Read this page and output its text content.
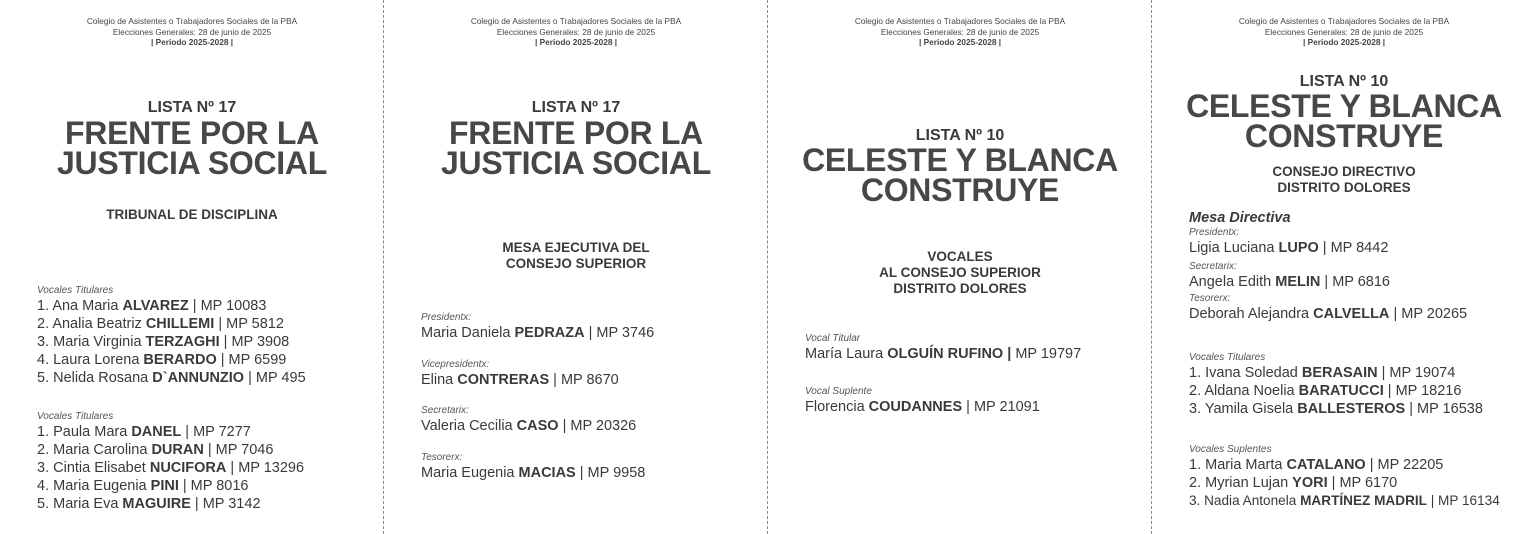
Colegio de Asistentes o Trabajadores Sociales de la PBA
Elecciones Generales: 28 de junio de 2025
| Periodo 2025-2028 |
LISTA Nº 17
FRENTE POR LA
JUSTICIA SOCIAL
TRIBUNAL DE DISCIPLINA
Vocales Titulares
1. Ana Maria ALVAREZ | MP 10083
2. Analia Beatriz CHILLEMI | MP 5812
3. Maria Virginia TERZAGHI | MP 3908
4. Laura Lorena BERARDO | MP 6599
5. Nelida Rosana D`ANNUNZIO | MP 495
Vocales Titulares
1. Paula Mara DANEL | MP 7277
2. Maria Carolina DURAN | MP 7046
3. Cintia Elisabet NUCIFORA | MP 13296
4. Maria Eugenia PINI | MP 8016
5. Maria Eva MAGUIRE | MP 3142
Colegio de Asistentes o Trabajadores Sociales de la PBA
Elecciones Generales: 28 de junio de 2025
| Periodo 2025-2028 |
LISTA Nº 17
FRENTE POR LA
JUSTICIA SOCIAL
MESA EJECUTIVA DEL
CONSEJO SUPERIOR
Presidentx:
Maria Daniela PEDRAZA | MP 3746
Vicepresidentx:
Elina CONTRERAS | MP 8670
Secretarix:
Valeria Cecilia CASO | MP 20326
Tesorerx:
Maria Eugenia MACIAS | MP 9958
Colegio de Asistentes o Trabajadores Sociales de la PBA
Elecciones Generales: 28 de junio de 2025
| Periodo 2025-2028 |
LISTA Nº 10
CELESTE Y BLANCA
CONSTRUYE
VOCALES
AL CONSEJO SUPERIOR
DISTRITO DOLORES
Vocal Titular
María Laura OLGUÍN RUFINO | MP 19797
Vocal Suplente
Florencia COUDANNES | MP 21091
Colegio de Asistentes o Trabajadores Sociales de la PBA
Elecciones Generales: 28 de junio de 2025
| Periodo 2025-2028 |
LISTA Nº 10
CELESTE Y BLANCA
CONSTRUYE
CONSEJO DIRECTIVO
DISTRITO DOLORES
Mesa Directiva
Presidentx:
Ligia Luciana LUPO | MP 8442
Secretarix:
Angela Edith MELIN | MP 6816
Tesorerx:
Deborah Alejandra CALVELLA | MP 20265
Vocales Titulares
1. Ivana Soledad BERASAIN | MP 19074
2. Aldana Noelia BARATUCCI | MP 18216
3. Yamila Gisela BALLESTEROS | MP 16538
Vocales Suplentes
1. Maria Marta CATALANO | MP 22205
2. Myrian Lujan YORI | MP 6170
3. Nadia Antonela MARTÍNEZ MADRIL | MP 16134
